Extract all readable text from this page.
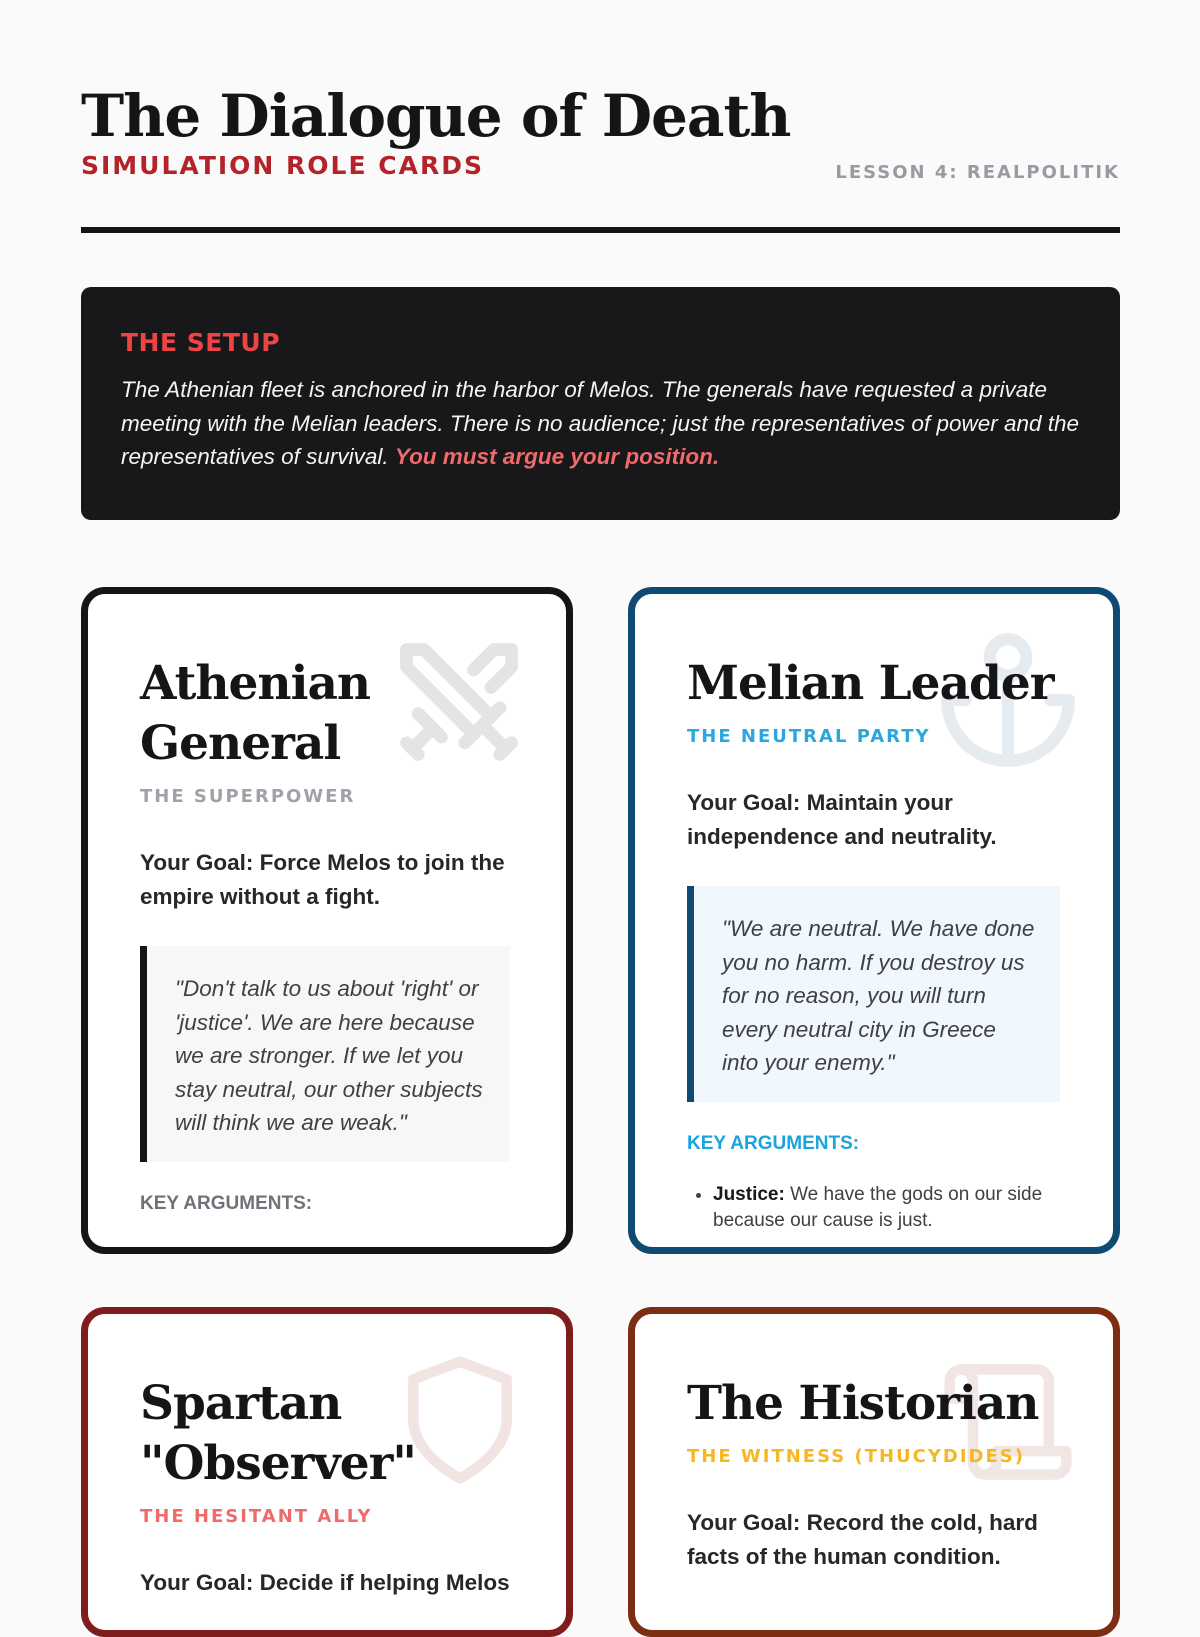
The Dialogue of Death
SIMULATION ROLE CARDS	LESSON 4: REALPOLITIK
THE SETUP

The Athenian fleet is anchored in the harbor of Melos. The generals have requested a private meeting with the Melian leaders. There is no audience; just the representatives of power and the representatives of survival. You must argue your position.

Athenian
General
THE SUPERPOWER

Your Goal: Force Melos to join the empire without a fight.

"Don't talk to us about 'right' or 'justice'. We are here because we are stronger. If we let you stay neutral, our other subjects will think we are weak."
KEY ARGUMENTS:
Melian Leader
THE NEUTRAL PARTY

Your Goal: Maintain your independence and neutrality.

"We are neutral. We have done you no harm. If you destroy us for no reason, you will turn every neutral city in Greece into your enemy."
KEY ARGUMENTS:
• Justice: We have the gods on our side because our cause is just.
Spartan
"Observer"
THE HESITANT ALLY

Your Goal: Decide if helping Melos

The Historian
THE WITNESS (THUCYDIDES)

Your Goal: Record the cold, hard facts of the human condition.
